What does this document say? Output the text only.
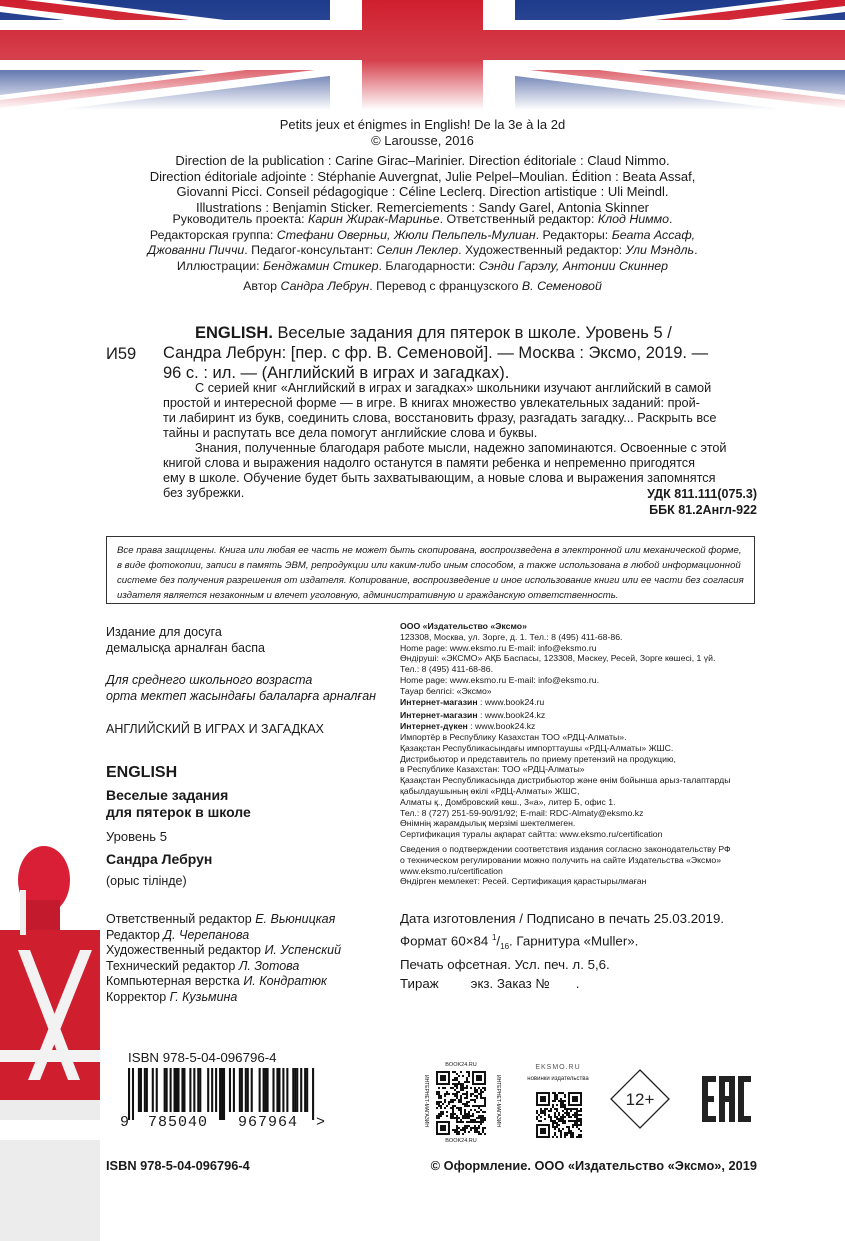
Petits jeux et énigmes in English! De la 3e à la 2d
© Larousse, 2016
Direction de la publication : Carine Girac–Marinier. Direction éditoriale : Claud Nimmo.
Direction éditoriale adjointe : Stéphanie Auvergnat, Julie Pelpel–Moulian. Édition : Beata Assaf,
Giovanni Picci. Conseil pédagogique : Céline Leclerq. Direction artistique : Uli Meindl.
Illustrations : Benjamin Sticker. Remerciements : Sandy Garel, Antonia Skinner
Руководитель проекта: Карин Жирак-Маринье. Ответственный редактор: Клод Ниммо.
Редакторская группа: Стефани Оверньи, Жюли Пельпель-Мулиан. Редакторы: Беата Ассаф,
Джованни Пиччи. Педагог-консультант: Селин Леклер. Художественный редактор: Ули Мэндль.
Иллюстрации: Бенджамин Стикер. Благодарности: Сэнди Гарэлу, Антонии Скиннер
Автор Сандра Лебрун. Перевод с французского В. Семеновой
И59
ENGLISH. Веселые задания для пятерок в школе. Уровень 5 /
Сандра Лебрун: [пер. с фр. В. Семеновой]. — Москва : Эксмо, 2019. —
96 с. : ил. — (Английский в играх и загадках).
С серией книг «Английский в играх и загадках» школьники изучают английский в самой
простой и интересной форме — в игре. В книгах множество увлекательных заданий: прой-
ти лабиринт из букв, соединить слова, восстановить фразу, разгадать загадку... Раскрыть все
тайны и распутать все дела помогут английские слова и буквы.
Знания, полученные благодаря работе мысли, надежно запоминаются. Освоенные с этой
книгой слова и выражения надолго останутся в памяти ребенка и непременно пригодятся
ему в школе. Обучение будет быть захватывающим, а новые слова и выражения запомнятся
без зубрежки.	УДК 811.111(075.3)
ББК 81.2Англ-922
Все права защищены. Книга или любая ее часть не может быть скопирована, воспроизведена в электронной или механической форме,
в виде фотокопии, записи в память ЭВМ, репродукции или каким-либо иным способом, а также использована в любой информационной
системе без получения разрешения от издателя. Копирование, воспроизведение и иное использование книги или ее части без согласия
издателя является незаконным и влечет уголовную, административную и гражданскую ответственность.
Издание для досуга
демалысқа арналған баспа
Для среднего школьного возраста
орта мектеп жасындағы балаларға арналған
АНГЛИЙСКИЙ В ИГРАХ И ЗАГАДКАХ
ENGLISH
Веселые задания
для пятерок в школе
Уровень 5
Сандра Лебрун
(орыс тілінде)
ООО «Издательство «Эксмо»
123308, Москва, ул. Зорге, д. 1. Тел.: 8 (495) 411-68-86.
Home page: www.eksmo.ru E-mail: info@eksmo.ru
Өндіруші: «ЭКСМО» АҚБ Баспасы, 123308, Мәскеу, Ресей, Зорге көшесі, 1 үй.
Тел.: 8 (495) 411-68-86.
Home page: www.eksmo.ru E-mail: info@eksmo.ru.
Тауар белгісі: «Эксмо»
Интернет-магазин : www.book24.ru
Интернет-магазин : www.book24.kz
Интернет-дүкен : www.book24.kz
Импортёр в Республику Казахстан ТОО «РДЦ-Алматы».
Қазақстан Республикасындағы импорттаушы «РДЦ-Алматы» ЖШС.
Дистрибьютор и представитель по приему претензий на продукцию,
в Республике Казахстан: ТОО «РДЦ-Алматы»
Қазақстан Республикасында дистрибьютор және өнім бойынша арыз-талаптарды
қабылдаушының өкілі «РДЦ-Алматы» ЖШС,
Алматы қ., Домбровский көш., 3«а», литер Б, офис 1.
Тел.: 8 (727) 251-59-90/91/92; E-mail: RDC-Almaty@eksmo.kz
Өнімнің жарамдылық мерзімі шектелмеген.
Сертификация туралы ақпарат сайтта: www.eksmo.ru/certification
Сведения о подтверждении соответствия издания согласно законодательству РФ
о техническом регулировании можно получить на сайте Издательства «Эксмо»
www.eksmo.ru/certification
Өндірген мемлекет: Ресей. Сертификация қарастырылмаған
Ответственный редактор Е. Вьюницкая
Редактор Д. Черепанова
Художественный редактор И. Успенский
Технический редактор Л. Зотова
Компьютерная верстка И. Кондратюк
Корректор Г. Кузьмина
Дата изготовления / Подписано в печать 25.03.2019.
Формат 60×84 $^1/_{16}$. Гарнитура «Muller».
Печать офсетная. Усл. печ. л. 5,6.
Тираж экз. Заказ № .
ISBN 978-5-04-096796-4
9	785040	967964	>
BOOK24.RU
BOOK24.RU
ИНТЕРНЕТ-МАГАЗИН	ИНТЕРНЕТ-МАГАЗИН
EKSMO.RU
новинки издательства
12+
ISBN 978-5-04-096796-4	© Оформление. ООО «Издательство «Эксмо», 2019
